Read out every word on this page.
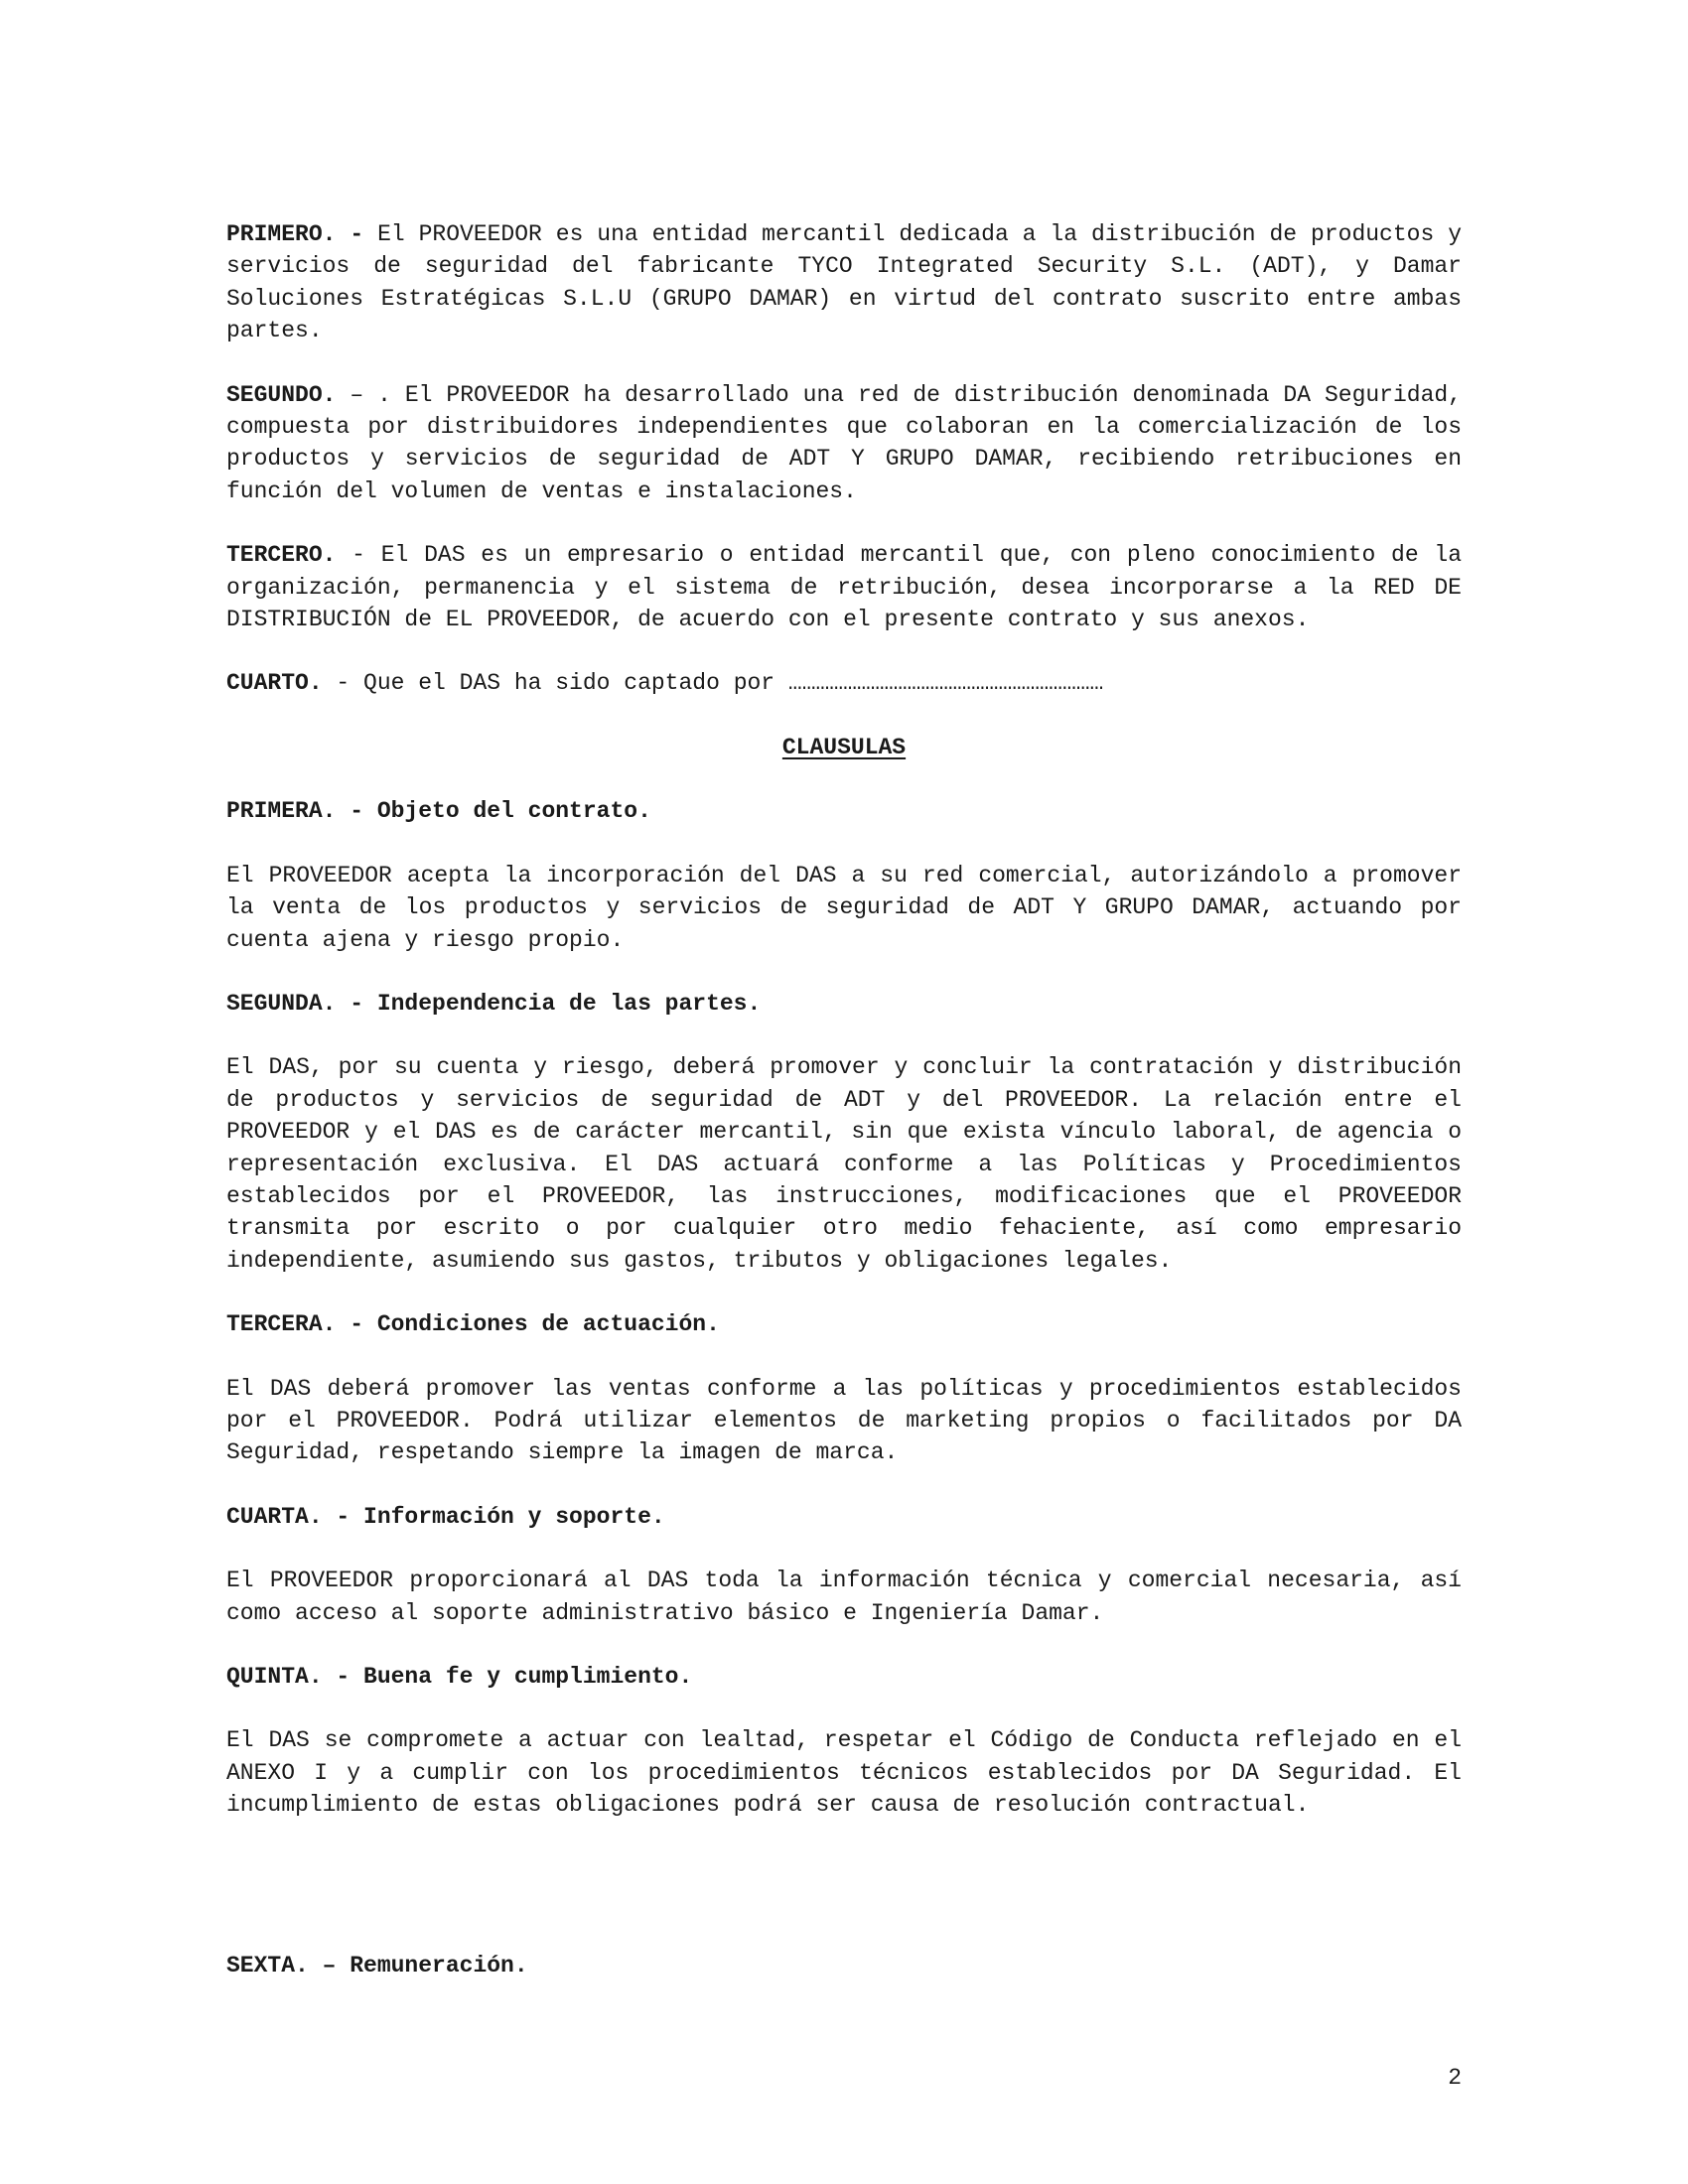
PRIMERO. - El PROVEEDOR es una entidad mercantil dedicada a la distribución de productos y servicios de seguridad del fabricante TYCO Integrated Security S.L. (ADT), y Damar Soluciones Estratégicas S.L.U (GRUPO DAMAR) en virtud del contrato suscrito entre ambas partes.

SEGUNDO. – . El PROVEEDOR ha desarrollado una red de distribución denominada DA Seguridad, compuesta por distribuidores independientes que colaboran en la comercialización de los productos y servicios de seguridad de ADT Y GRUPO DAMAR, recibiendo retribuciones en función del volumen de ventas e instalaciones.

TERCERO. - El DAS es un empresario o entidad mercantil que, con pleno conocimiento de la organización, permanencia y el sistema de retribución, desea incorporarse a la RED DE DISTRIBUCIÓN de EL PROVEEDOR, de acuerdo con el presente contrato y sus anexos.

CUARTO. - Que el DAS ha sido captado por ……………………………………………………………

CLAUSULAS

PRIMERA. - Objeto del contrato.

El PROVEEDOR acepta la incorporación del DAS a su red comercial, autorizándolo a promover la venta de los productos y servicios de seguridad de ADT Y GRUPO DAMAR, actuando por cuenta ajena y riesgo propio.

SEGUNDA. - Independencia de las partes.

El DAS, por su cuenta y riesgo, deberá promover y concluir la contratación y distribución de productos y servicios de seguridad de ADT y del PROVEEDOR. La relación entre el PROVEEDOR y el DAS es de carácter mercantil, sin que exista vínculo laboral, de agencia o representación exclusiva. El DAS actuará conforme a las Políticas y Procedimientos establecidos por el PROVEEDOR, las instrucciones, modificaciones que el PROVEEDOR transmita por escrito o por cualquier otro medio fehaciente, así como empresario independiente, asumiendo sus gastos, tributos y obligaciones legales.

TERCERA. - Condiciones de actuación.

El DAS deberá promover las ventas conforme a las políticas y procedimientos establecidos por el PROVEEDOR. Podrá utilizar elementos de marketing propios o facilitados por DA Seguridad, respetando siempre la imagen de marca.

CUARTA. - Información y soporte.

El PROVEEDOR proporcionará al DAS toda la información técnica y comercial necesaria, así como acceso al soporte administrativo básico e Ingeniería Damar.

QUINTA. - Buena fe y cumplimiento.

El DAS se compromete a actuar con lealtad, respetar el Código de Conducta reflejado en el ANEXO I y a cumplir con los procedimientos técnicos establecidos por DA Seguridad. El incumplimiento de estas obligaciones podrá ser causa de resolución contractual.

SEXTA. – Remuneración.

2
